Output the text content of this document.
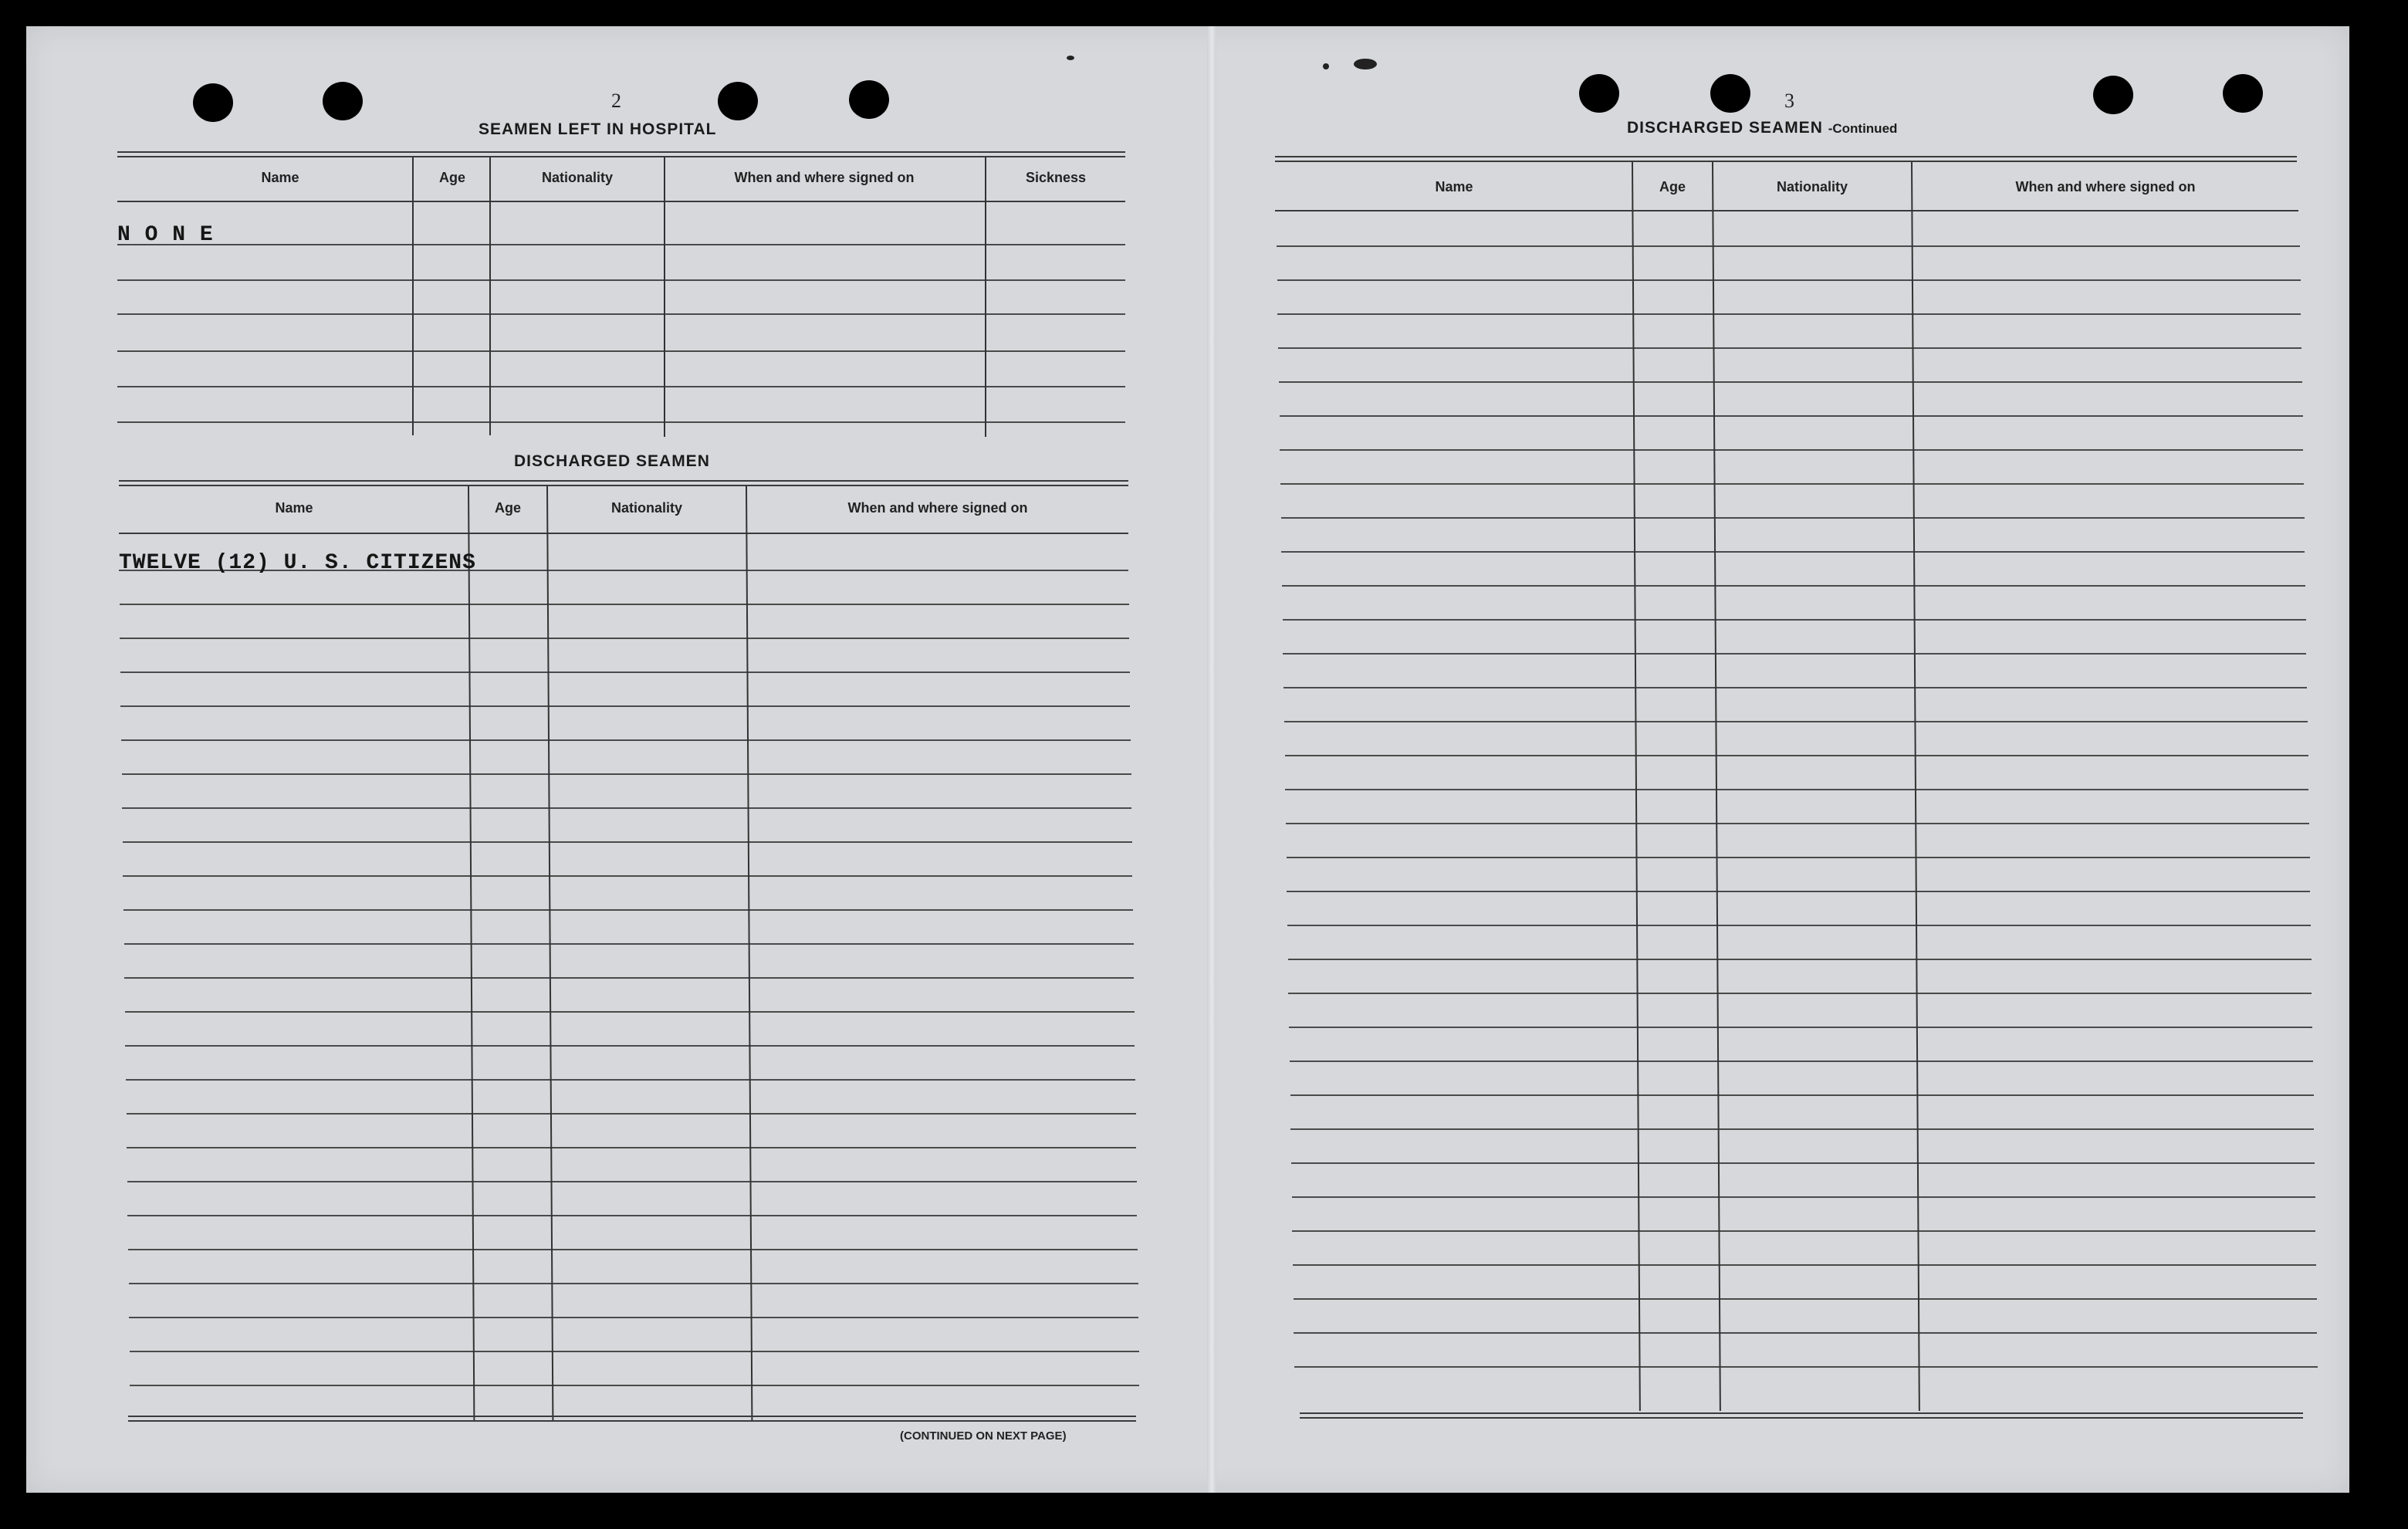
2
SEAMEN LEFT IN HOSPITAL
Name	Age	Nationality	When and where signed on	Sickness
N O N E
DISCHARGED SEAMEN
Name	Age	Nationality	When and where signed on
TWELVE (12) U. S. CITIZENS
(CONTINUED ON NEXT PAGE)
3
DISCHARGED SEAMEN -Continued
Name	Age	Nationality	When and where signed on
